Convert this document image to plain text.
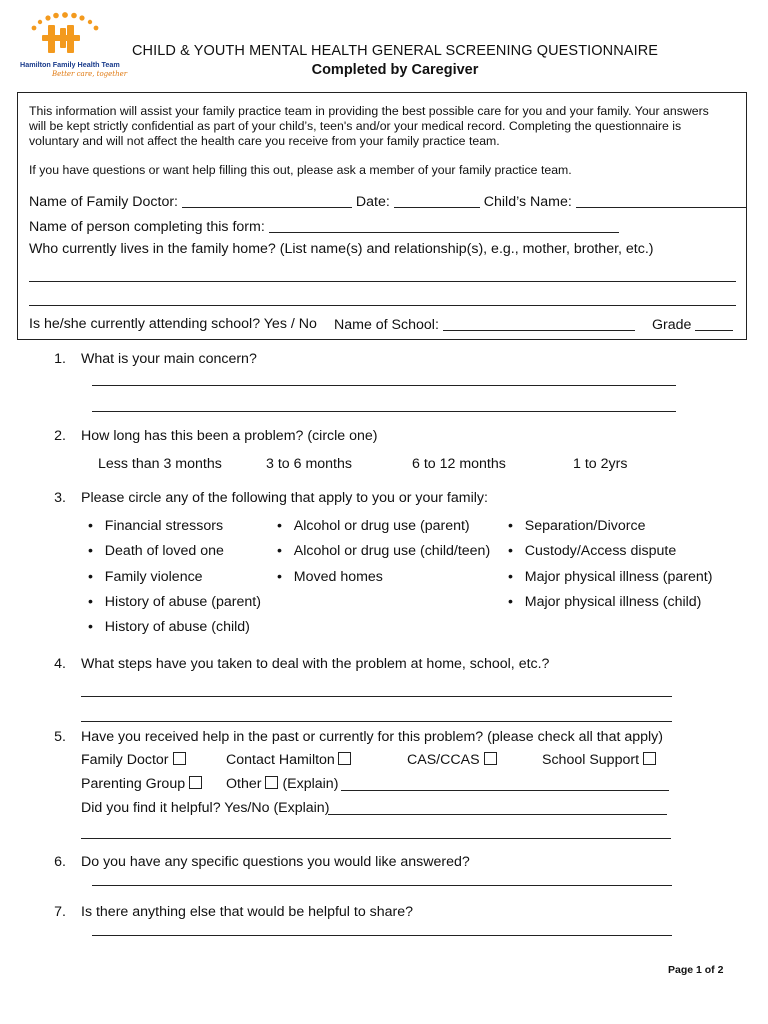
Hamilton Family Health Team
Better care, together
CHILD & YOUTH MENTAL HEALTH GENERAL SCREENING QUESTIONNAIRE
Completed by Caregiver
This information will assist your family practice team in providing the best possible care for you and your family. Your answers
will be kept strictly confidential as part of your child’s, teen's and/or your medical record. Completing the questionnaire is
voluntary and will not affect the health care you receive from your family practice team.
If you have questions or want help filling this out, please ask a member of your family practice team.
Name of Family Doctor:	Date:	Child’s Name:
Name of person completing this form:
Who currently lives in the family home? (List name(s) and relationship(s), e.g., mother, brother, etc.)
Is he/she currently attending school? Yes / No Name of School:	Grade
1. What is your main concern?
2. How long has this been a problem? (circle one)
Less than 3 months	3 to 6 months	6 to 12 months	1 to 2yrs
3. Please circle any of the following that apply to you or your family:
• Financial stressors
• Death of loved one
• Family violence
• History of abuse (parent)
• History of abuse (child)
• Alcohol or drug use (parent)
• Alcohol or drug use (child/teen)
• Moved homes
• Separation/Divorce
• Custody/Access dispute
• Major physical illness (parent)
• Major physical illness (child)
4. What steps have you taken to deal with the problem at home, school, etc.?
5. Have you received help in the past or currently for this problem? (please check all that apply)
Family Doctor	Contact Hamilton	CAS/CCAS	School Support
Parenting Group	Other (Explain)
Did you find it helpful? Yes/No (Explain)
6. Do you have any specific questions you would like answered?
7. Is there anything else that would be helpful to share?
Page 1 of 2
